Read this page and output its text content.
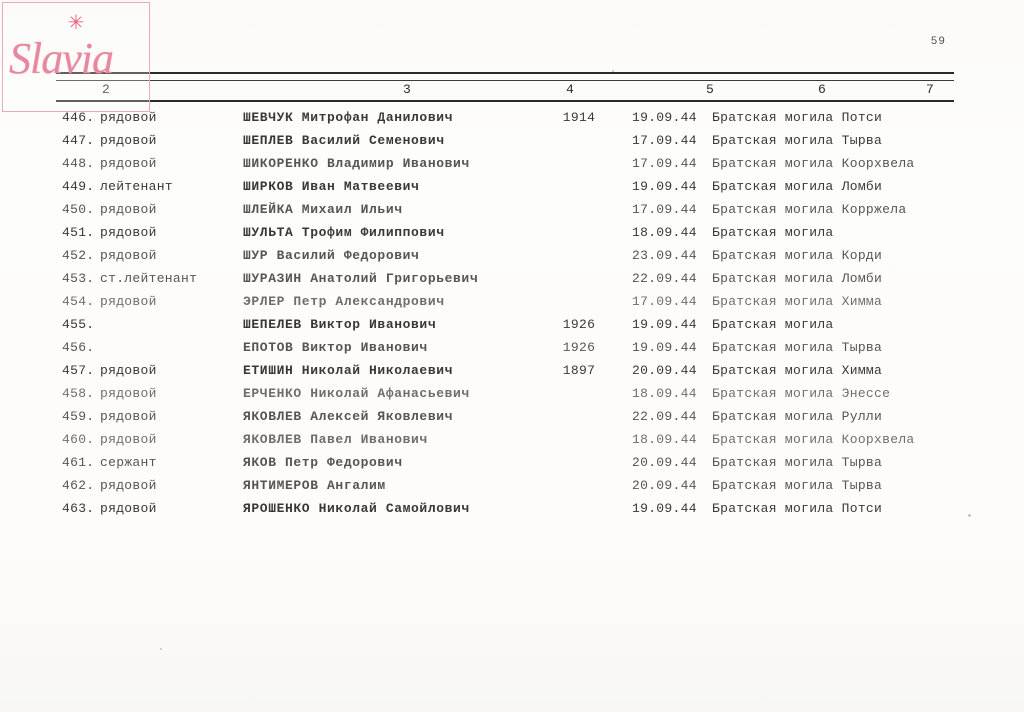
✳
Slavia	59
2	3	4	5	6	7
446. рядовой	ШЕВЧУК Митрофан Данилович	1914	19.09.44 Братская могила Потси
447. рядовой	ШЕПЛЕВ Василий Семенович	17.09.44 Братская могила Тырва
448. рядовой	ШИКОРЕНКО Владимир Иванович	17.09.44 Братская могила Коорхвела
449. лейтенант	ШИРКОВ Иван Матвеевич	19.09.44 Братская могила Ломби
450. рядовой	ШЛЕЙКА Михаил Ильич	17.09.44 Братская могила Корржела
451. рядовой	ШУЛЬТА Трофим Филиппович	18.09.44 Братская могила
452. рядовой	ШУР Василий Федорович	23.09.44 Братская могила Корди
453. ст.лейтенант	ШУРАЗИН Анатолий Григорьевич	22.09.44 Братская могила Ломби
454. рядовой	ЭРЛЕР Петр Александрович	17.09.44 Братская могила Химма
455.	ШЕПЕЛЕВ Виктор Иванович	1926	19.09.44 Братская могила
456.	ЕПОТОВ Виктор Иванович	1926	19.09.44 Братская могила Тырва
457. рядовой	ЕТИШИН Николай Николаевич	1897	20.09.44 Братская могила Химма
458. рядовой	ЕРЧЕНКО Николай Афанасьевич	18.09.44 Братская могила Энессе
459. рядовой	ЯКОВЛЕВ Алексей Яковлевич	22.09.44 Братская могила Рулли
460. рядовой	ЯКОВЛЕВ Павел Иванович	18.09.44 Братская могила Коорхвела
461. сержант	ЯКОВ Петр Федорович	20.09.44 Братская могила Тырва
462. рядовой	ЯНТИМЕРОВ Ангалим	20.09.44 Братская могила Тырва
463. рядовой	ЯРОШЕНКО Николай Самойлович	19.09.44 Братская могила Потси
